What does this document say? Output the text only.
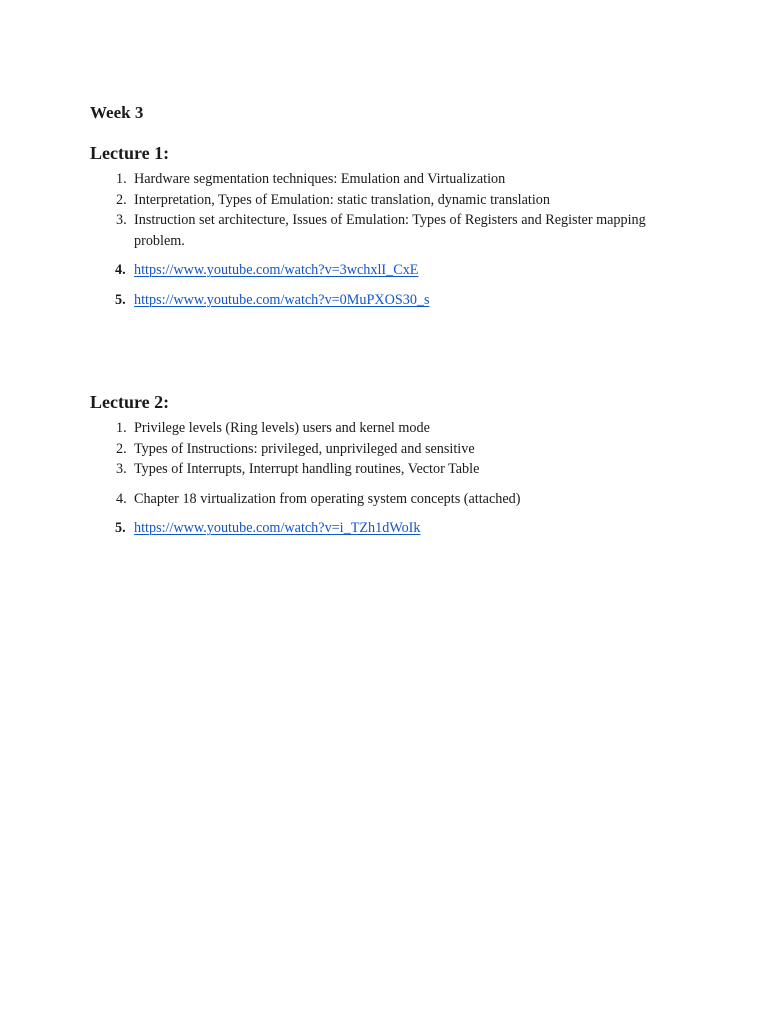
Week 3
Lecture 1:
1. Hardware segmentation techniques: Emulation and Virtualization
2. Interpretation, Types of Emulation: static translation, dynamic translation
3. Instruction set architecture, Issues of Emulation: Types of Registers and Register mapping problem.
4. https://www.youtube.com/watch?v=3wchxlI_CxE
5. https://www.youtube.com/watch?v=0MuPXOS30_s
Lecture 2:
1. Privilege levels (Ring levels) users and kernel mode
2. Types of Instructions: privileged, unprivileged and sensitive
3. Types of Interrupts, Interrupt handling routines, Vector Table
4. Chapter 18 virtualization from operating system concepts (attached)
5. https://www.youtube.com/watch?v=i_TZh1dWoIk
